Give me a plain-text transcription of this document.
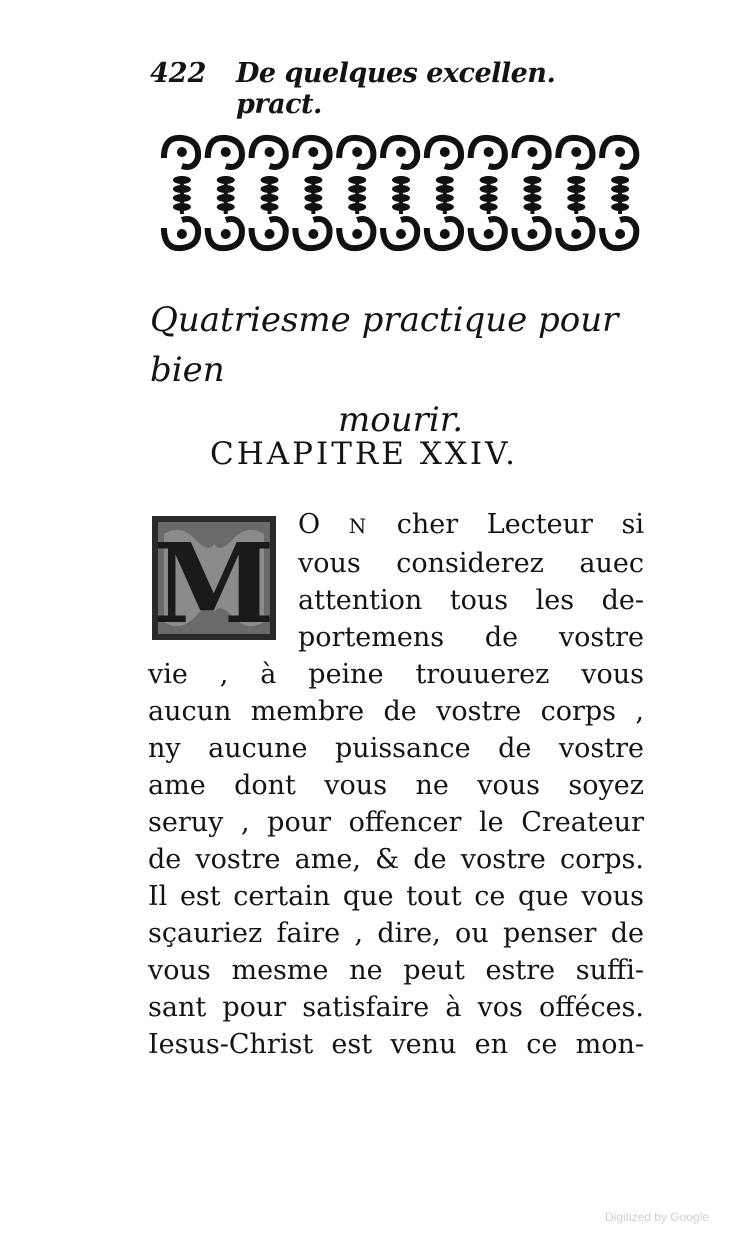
422 De quelques excellen. pract.
Quatriesme practique pour bien
mourir.
CHAPITRE XXIV.
M O N cher Lecteur si
vous considerez auec
attention tous les de-
portemens de vostre
vie , à peine trouuerez vous
aucun membre de vostre corps ,
ny aucune puissance de vostre
ame dont vous ne vous soyez
seruy , pour offencer le Createur
de vostre ame, & de vostre corps.
Il est certain que tout ce que vous
sçauriez faire , dire, ou penser de
vous mesme ne peut estre suffi-
sant pour satisfaire à vos offéces.
Iesus-Christ est venu en ce mon-
Digitized by Google
